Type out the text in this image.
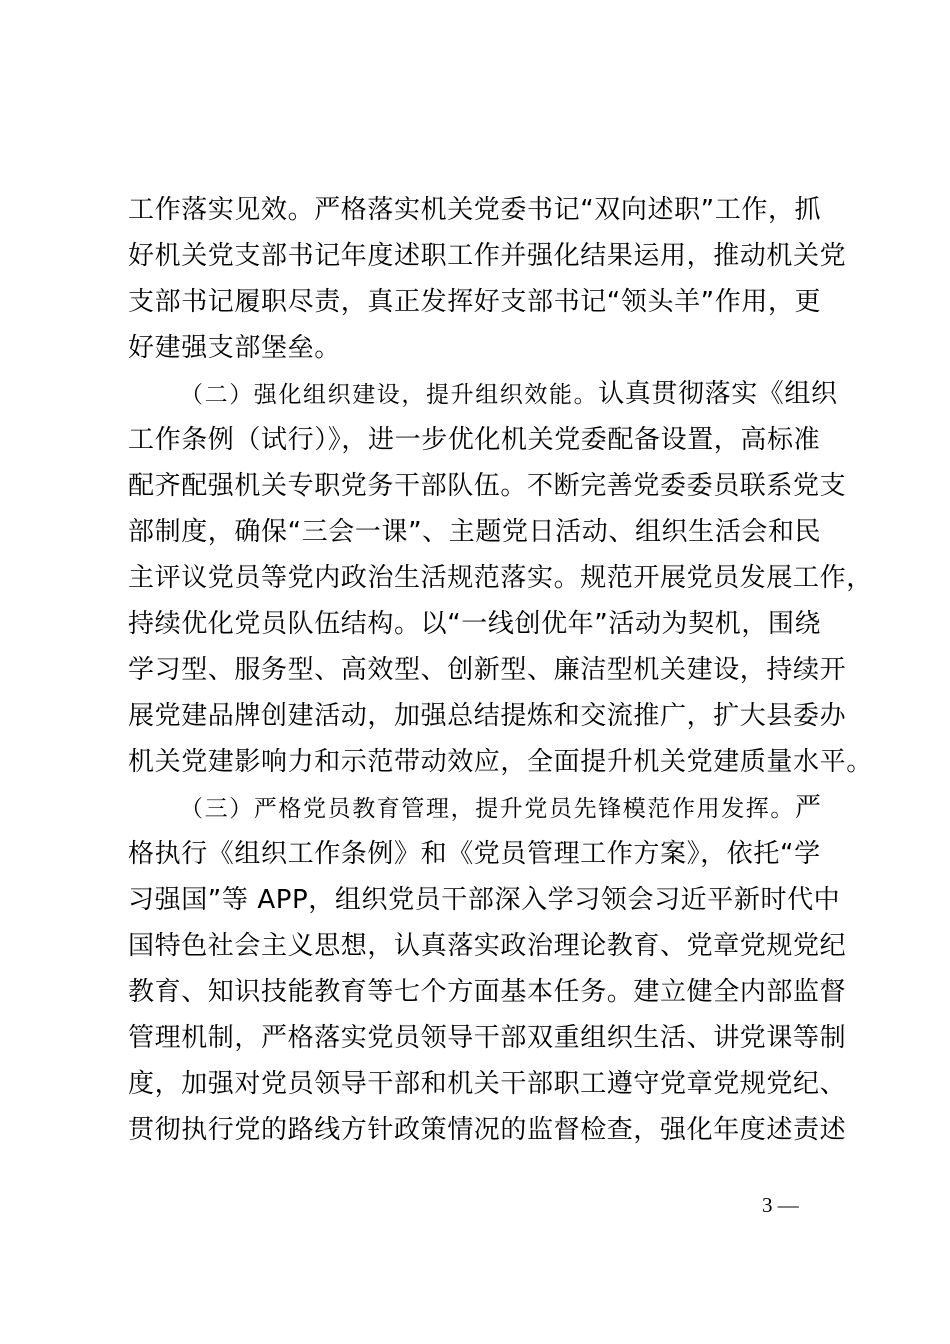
工作落实见效。严格落实机关党委书记“双向述职”工作，抓
好机关党支部书记年度述职工作并强化结果运用，推动机关党
支部书记履职尽责，真正发挥好支部书记“领头羊”作用，更
好建强支部堡垒。
（二）强化组织建设，提升组织效能。认真贯彻落实《组织
工作条例（试行）》，进一步优化机关党委配备设置，高标准
配齐配强机关专职党务干部队伍。不断完善党委委员联系党支
部制度，确保“三会一课”、主题党日活动、组织生活会和民
主评议党员等党内政治生活规范落实。规范开展党员发展工作，
持续优化党员队伍结构。以“一线创优年”活动为契机，围绕
学习型、服务型、高效型、创新型、廉洁型机关建设，持续开
展党建品牌创建活动，加强总结提炼和交流推广，扩大县委办
机关党建影响力和示范带动效应，全面提升机关党建质量水平。
（三）严格党员教育管理，提升党员先锋模范作用发挥。严
格执行《组织工作条例》和《党员管理工作方案》，依托“学
习强国”等 APP，组织党员干部深入学习领会习近平新时代中
国特色社会主义思想，认真落实政治理论教育、党章党规党纪
教育、知识技能教育等七个方面基本任务。建立健全内部监督
管理机制，严格落实党员领导干部双重组织生活、讲党课等制
度，加强对党员领导干部和机关干部职工遵守党章党规党纪、
贯彻执行党的路线方针政策情况的监督检查，强化年度述责述
3 —
